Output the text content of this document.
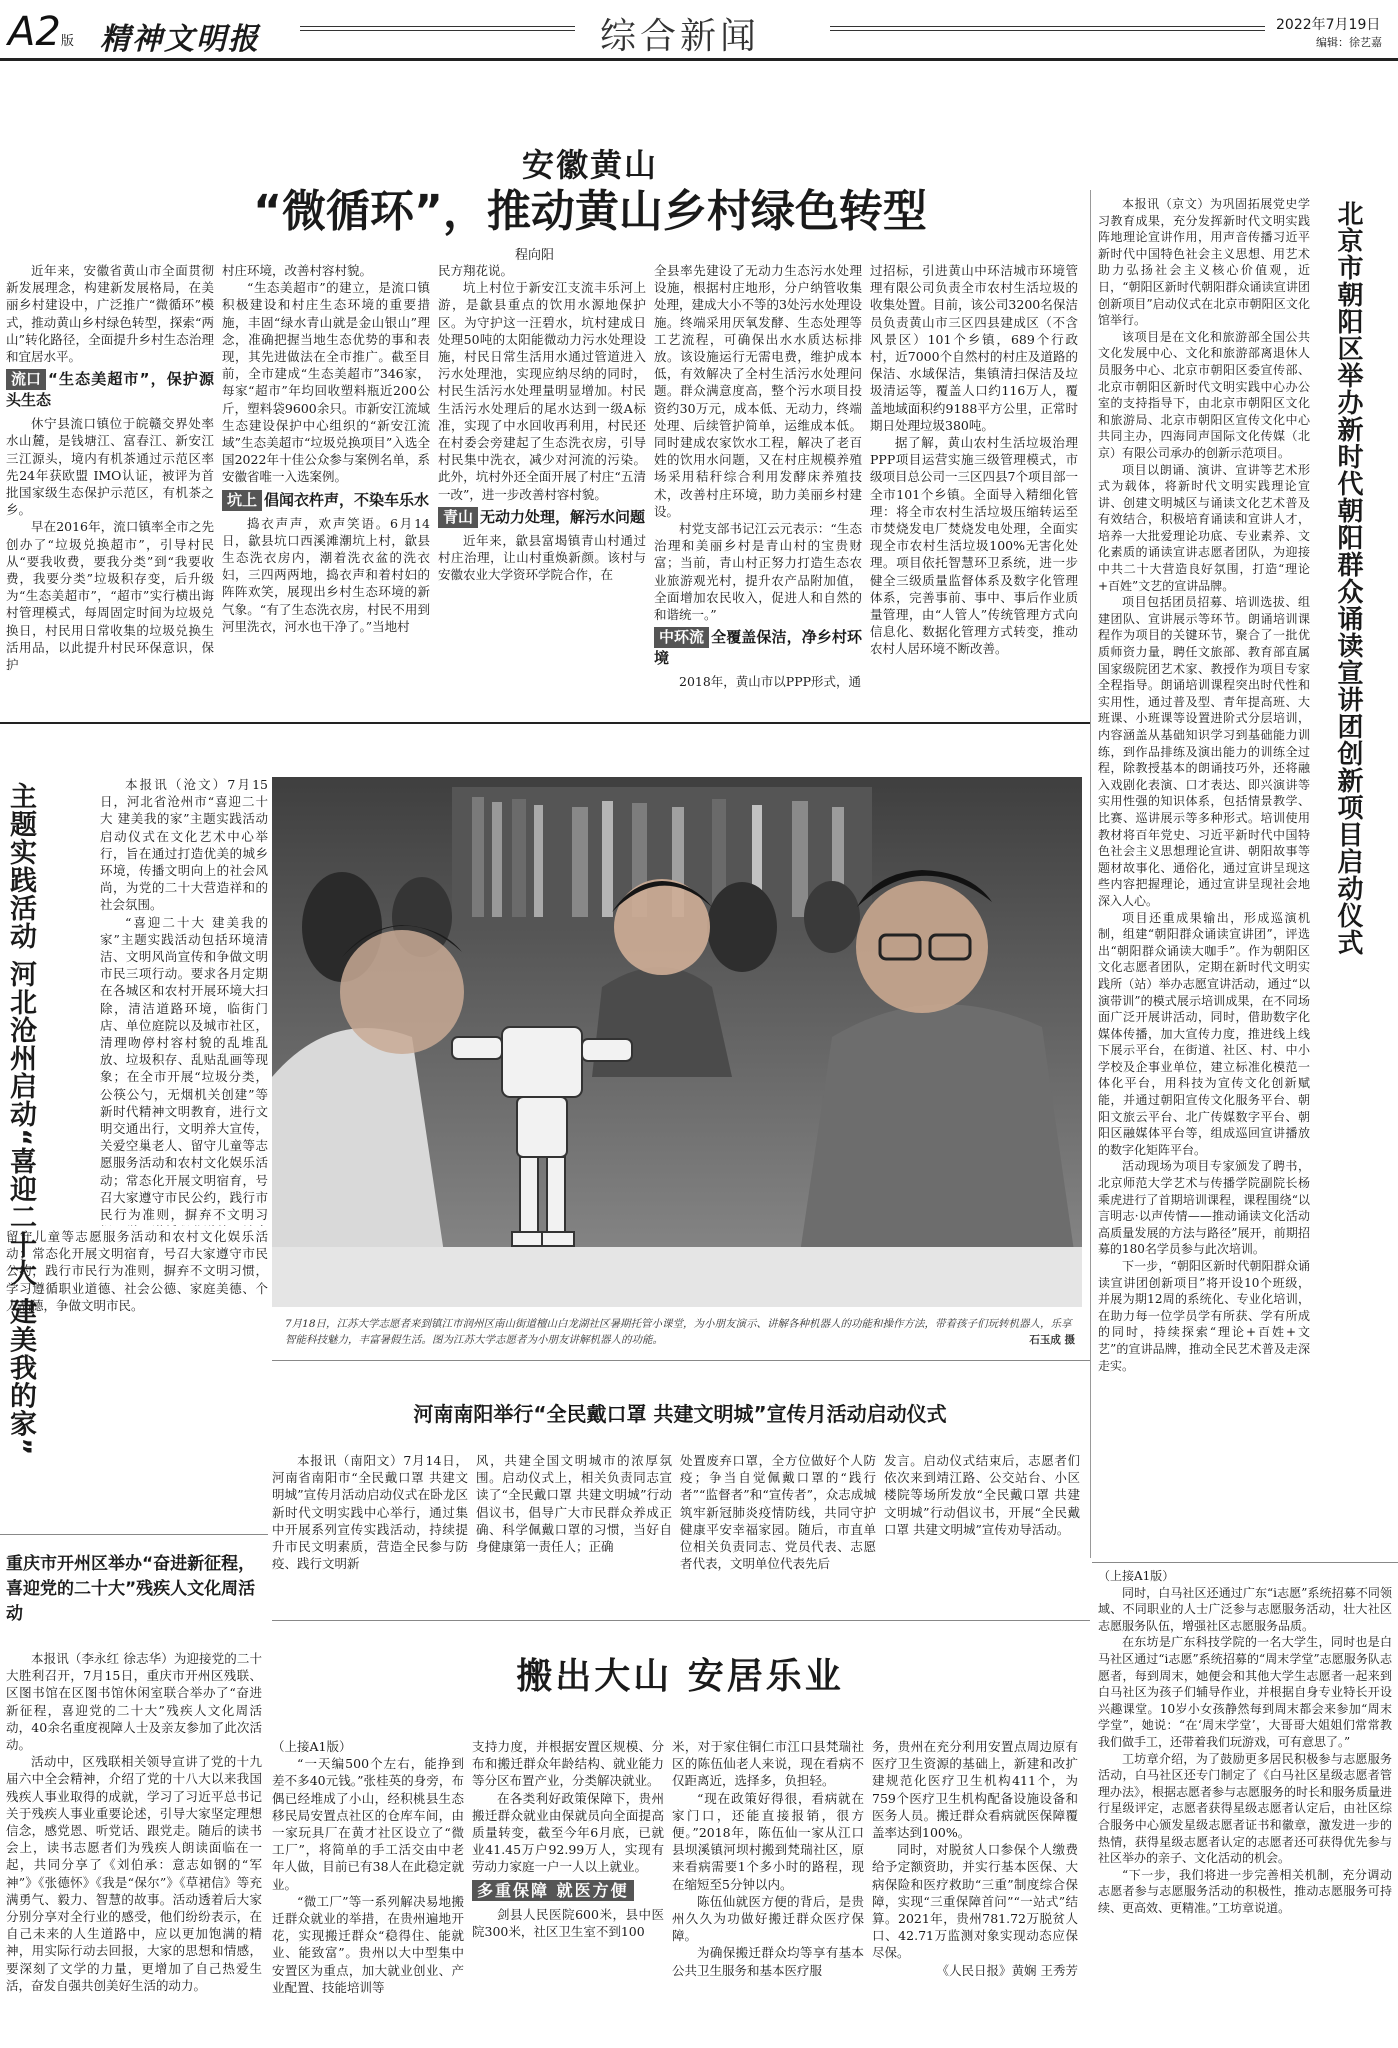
A2版 精神文明报	综合新闻	2022年7月19日
编辑：徐艺嘉
安徽黄山
“微循环”，推动黄山乡村绿色转型
程向阳

近年来，安徽省黄山市全面贯彻新发展理念，构建新发展格局，在美丽乡村建设中，广泛推广“微循环”模式，推动黄山乡村绿色转型，探索“两山”转化路径，全面提升乡村生态治理和宜居水平。

流口 “生态美超市”，保护源头生态

休宁县流口镇位于皖赣交界处率水山麓，是钱塘江、富春江、新安江三江源头，境内有机茶通过示范区率先24年获欧盟 IMO认证，被评为首批国家级生态保护示范区，有机茶之乡。

早在2016年，流口镇率全市之先创办了“垃圾兑换超市”，引导村民从“要我收费，要我分类”到“我要收费，我要分类”垃圾积存变，后升级为“生态美超市”，“超市”实行横出诲村管理模式，每周固定时间为垃圾兑换日，村民用日常收集的垃圾兑换生活用品，以此提升村民环保意识，保护

村庄环境，改善村容村貌。

“生态美超市”的建立，是流口镇积极建设和村庄生态环境的重要措施，丰固“绿水青山就是金山银山”理念，准确把握当地生态优势的事和表现，其先进做法在全市推广。截至目前，全市建成“生态美超市”346家，每家“超市”年均回收塑料瓶近200公斤，塑料袋9600余只。市新安江流域生态建设保护中心组织的“新安江流域”生态美超市“垃圾兑换项目”入选全国2022年十佳公众参与案例名单，系安徽省唯一入选案例。

坑上 倡闻衣杵声，不染车乐水

捣衣声声，欢声笑语。6月14日，歙县坑口西溪滩潮坑上村，歙县生态洗衣房内，潮着洗衣盆的洗衣妇，三四两两地，捣衣声和着村妇的阵阵欢笑，展现出乡村生态环境的新气象。“有了生态洗衣房，村民不用到河里洗衣，河水也干净了。”当地村

民方翔花说。

坑上村位于新安江支流丰乐河上游，是歙县重点的饮用水源地保护区。为守护这一汪碧水，坑村建成日处理50吨的太阳能微动力污水处理设施，村民日常生活用水通过管道进入污水处理池，实现应纳尽纳的同时，村民生活污水处理量明显增加。村民生活污水处理后的尾水达到一级A标准，实现了中水回收再利用，村民还在村委会旁建起了生态洗衣房，引导村民集中洗衣，减少对河流的污染。此外，坑村外还全面开展了村庄“五清一改”，进一步改善村容村貌。

青山 无动力处理，解污水问题

近年来，歙县富堨镇青山村通过村庄治理，让山村重焕新颜。该村与安徽农业大学资环学院合作，在

全县率先建设了无动力生态污水处理设施，根据村庄地形，分户纳管收集处理，建成大小不等的3处污水处理设施。终端采用厌氧发酵、生态处理等工艺流程，可确保出水水质达标排放。该设施运行无需电费，维护成本低，有效解决了全村生活污水处理问题。群众满意度高，整个污水项目投资约30万元，成本低、无动力，终端处理、后续管护简单，运维成本低。同时建成农家饮水工程，解决了老百姓的饮用水问题，又在村庄规模养殖场采用秸秆综合利用发酵床养殖技术，改善村庄环境，助力美丽乡村建设。

村党支部书记江云元表示：“生态治理和美丽乡村是青山村的宝贵财富；当前，青山村正努力打造生态农业旅游观光村，提升农产品附加值，全面增加农民收入，促进人和自然的和谐统一。”

中环流 全覆盖保洁，净乡村环境

2018年，黄山市以PPP形式，通

过招标，引进黄山中环洁城市环境管理有限公司负责全市农村生活垃圾的收集处置。目前，该公司3200名保洁员负责黄山市三区四县建成区（不含风景区）101个乡镇，689个行政村，近7000个自然村的村庄及道路的保洁、水域保洁，集镇清扫保洁及垃圾清运等，覆盖人口约116万人，覆盖地域面积约9188平方公里，正常时期日处理垃圾380吨。

据了解，黄山农村生活垃圾治理PPP项目运营实施三级管理模式，市级项目总公司一三区四县7个项目部一全市101个乡镇。全面导入精细化管理：将全市农村生活垃圾压缩转运至市焚烧发电厂焚烧发电处理，全面实现全市农村生活垃圾100%无害化处理。项目依托智慧环卫系统，进一步健全三级质量监督体系及数字化管理体系，完善事前、事中、事后作业质量管理，由“人管人”传统管理方式向信息化、数据化管理方式转变，推动农村人居环境不断改善。

本报讯（京文）为巩固拓展党史学习教育成果，充分发挥新时代文明实践阵地理论宣讲作用，用声音传播习近平新时代中国特色社会主义思想、用艺术助力弘扬社会主义核心价值观，近日，“朝阳区新时代朝阳群众诵读宣讲团创新项目”启动仪式在北京市朝阳区文化馆举行。

该项目是在文化和旅游部全国公共文化发展中心、文化和旅游部离退休人员服务中心、北京市朝阳区委宣传部、北京市朝阳区新时代文明实践中心办公室的支持指导下，由北京市朝阳区文化和旅游局、北京市朝阳区宣传文化中心共同主办，四海同声国际文化传媒（北京）有限公司承办的创新示范项目。

项目以朗诵、演讲、宣讲等艺术形式为载体，将新时代文明实践理论宣讲、创建文明城区与诵读文化艺术普及有效结合，积极培育诵读和宣讲人才，培养一大批爱理论功底、专业素养、文化素质的诵读宣讲志愿者团队，为迎接中共二十大营造良好氛围，打造“理论+百姓”文艺的宣讲品牌。

项目包括团员招募、培训选拔、组建团队、宣讲展示等环节。朗诵培训课程作为项目的关键环节，聚合了一批优质师资力量，聘任文旅部、教育部直属国家级院团艺术家、教授作为项目专家全程指导。朗诵培训课程突出时代性和实用性，通过普及型、青年提高班、大班课、小班课等设置进阶式分层培训，内容涵盖从基础知识学习到基础能力训练，到作品排练及演出能力的训练全过程，除教授基本的朗诵技巧外，还将融入戏剧化表演、口才表达、即兴演讲等实用性强的知识体系，包括情景教学、比赛、巡讲展示等多种形式。培训使用教材将百年党史、习近平新时代中国特色社会主义思想理论宣讲、朝阳故事等题材故事化、通俗化，通过宣讲呈现这些内容把握理论，通过宣讲呈现社会地深入人心。

项目还重成果输出，形成巡演机制，组建“朝阳群众诵读宣讲团”，评选出“朝阳群众诵读大咖手”。作为朝阳区文化志愿者团队，定期在新时代文明实践所（站）举办志愿宣讲活动，通过“以演带训”的模式展示培训成果，在不同场面广泛开展讲活动，同时，借助数字化媒体传播，加大宣传力度，推进线上线下展示平台，在街道、社区、村、中小学校及企事业单位，建立标准化模范一体化平台，用科技为宣传文化创新赋能，并通过朝阳宣传文化服务平台、朝阳文旅云平台、北广传媒数字平台、朝阳区融媒体平台等，组成巡回宣讲播放的数字化矩阵平台。

活动现场为项目专家颁发了聘书，北京师范大学艺术与传播学院副院长杨乘虎进行了首期培训课程，课程围绕“以言明志·以声传情——推动诵读文化活动高质量发展的方法与路径”展开，前期招募的180名学员参与此次培训。

下一步，“朝阳区新时代朝阳群众诵读宣讲团创新项目”将开设10个班级，并展为期12周的系统化、专业化培训，在助力每一位学员学有所获、学有所成的同时，持续探索“理论+百姓+文艺”的宣讲品牌，推动全民艺术普及走深走实。

北京市朝阳区举办新时代朝阳群众诵读宣讲团创新项目启动仪式
主题实践活动 河北沧州启动“喜迎二十大 建美我的家”	本报讯（沧文）7月15日，河北省沧州市“喜迎二十大 建美我的家”主题实践活动启动仪式在文化艺术中心举行，旨在通过打造优美的城乡环境，传播文明向上的社会风尚，为党的二十大营造祥和的社会氛围。

“喜迎二十大 建美我的家”主题实践活动包括环境清洁、文明风尚宣传和争做文明市民三项行动。要求各月定期在各城区和农村开展环境大扫除，清洁道路环境，临街门店、单位庭院以及城市社区，清理吻停村容村貌的乱堆乱放、垃圾积存、乱贴乱画等现象；在全市开展“垃圾分类，公筷公勺，无烟机关创建”等新时代精神文明教育，进行文明交通出行，文明养大宣传，关爱空巢老人、留守儿童等志愿服务活动和农村文化娱乐活动；常态化开展文明宿育，号召大家遵守市民公约，践行市民行为准则，摒弃不文明习

留守儿童等志愿服务活动和农村文化娱乐活动；常态化开展文明宿育，号召大家遵守市民公约，践行市民行为准则，摒弃不文明习惯，学习遵循职业道德、社会公德、家庭美德、个人品德，争做文明市民。

7月18日，江苏大学志愿者来到镇江市润州区南山街道檀山白龙湖社区暑期托管小课堂，为小朋友演示、讲解各种机器人的功能和操作方法，带着孩子们玩转机器人，乐享智能科技魅力，丰富暑假生活。图为江苏大学志愿者为小朋友讲解机器人的功能。	石玉成 摄
河南南阳举行“全民戴口罩 共建文明城”宣传月活动启动仪式
本报讯（南阳文）7月14日，河南省南阳市“全民戴口罩 共建文明城”宣传月活动启动仪式在卧龙区新时代文明实践中心举行，通过集中开展系列宣传实践活动，持续提升市民文明素质，营造全民参与防疫、践行文明新
风，共建全国文明城市的浓厚氛围。启动仪式上，相关负责同志宣读了“全民戴口罩 共建文明城”行动倡议书，倡导广大市民群众养成正确、科学佩戴口罩的习惯，当好自身健康第一责任人；正确
处置废弃口罩，全方位做好个人防疫；争当自觉佩戴口罩的“践行者”“监督者”和“宣传者”，众志成城筑牢新冠肺炎疫情防线，共同守护健康平安幸福家园。随后，市直单位相关负责同志、党员代表、志愿者代表，文明单位代表先后
发言。启动仪式结束后，志愿者们依次来到靖江路、公交站台、小区楼院等场所发放“全民戴口罩 共建文明城”行动倡议书，开展“全民戴口罩 共建文明城”宣传劝导活动。
重庆市开州区举办“奋进新征程，喜迎党的二十大”残疾人文化周活动

本报讯（李永红 徐志华）为迎接党的二十大胜利召开，7月15日，重庆市开州区残联、区图书馆在区图书馆休闲室联合举办了“奋进新征程，喜迎党的二十大”残疾人文化周活动，40余名重度视障人士及亲友参加了此次活动。

活动中，区残联相关领导宣讲了党的十九届六中全会精神，介绍了党的十八大以来我国残疾人事业取得的成就，学习了习近平总书记关于残疾人事业重要论述，引导大家坚定理想信念，感党恩、听党话、跟党走。随后的读书会上，读书志愿者们为残疾人朗读面临在一起，共同分享了《刘伯承：意志如钢的“军神”》《张德怀》《我是“保尔”》《草裙信》等充满勇气、毅力、智慧的故事。活动透着后大家分别分享对全行业的感受，他们纷纷表示，在自己未来的人生道路中，应以更加饱满的精神，用实际行动去回报，大家的思想和情感，要深刻了文学的力量，更增加了自己热爱生活，奋发自强共创美好生活的动力。

搬出大山 安居乐业

（上接A1版）

“一天编500个左右，能挣到差不多40元钱。”张桂英的身旁，布偶已经堆成了小山，经积桃县生态移民局安置点社区的仓库车间，由一家玩具厂在黄才社区设立了“微工厂”，将简单的手工活交由中老年人做，目前已有38人在此稳定就业。

“微工厂”等一系列解决易地搬迁群众就业的举措，在贵州遍地开花，实现搬迁群众“稳得住、能就业、能致富”。贵州以大中型集中安置区为重点，加大就业创业、产业配置、技能培训等

支持力度，并根据安置区规模、分布和搬迁群众年龄结构、就业能力等分区布置产业，分类解决就业。

在各类利好政策保障下，贵州搬迁群众就业由保就员向全面提高质量转变，截至今年6月底，已就业41.45万户92.99万人，实现有劳动力家庭一户一人以上就业。

多重保障 就医方便

剑县人民医院600米，县中医院300米，社区卫生室不到100

米，对于家住铜仁市江口县梵瑞社区的陈伍仙老人来说，现在看病不仅距离近，选择多，负担轻。

“现在政策好得很，看病就在家门口，还能直接报销，很方便。”2018年，陈伍仙一家从江口县坝溪镇河坝村搬到梵瑞社区，原来看病需要1个多小时的路程，现在缩短至5分钟以内。

陈伍仙就医方便的背后，是贵州久久为功做好搬迁群众医疗保障。

为确保搬迁群众均等享有基本公共卫生服务和基本医疗服

务，贵州在充分利用安置点周边原有医疗卫生资源的基础上，新建和改扩建规范化医疗卫生机构411个，为759个医疗卫生机构配备设施设备和医务人员。搬迁群众看病就医保障覆盖率达到100%。

同时，对脱贫人口参保个人缴费给予定额资助，并实行基本医保、大病保险和医疗救助“三重”制度综合保障，实现“三重保障首问”“一站式”结算。2021年，贵州781.72万脱贫人口、42.71万监测对象实现动态应保尽保。

《人民日报》黄娴 王秀芳

（上接A1版）

同时，白马社区还通过广东“i志愿”系统招募不同领域、不同职业的人士广泛参与志愿服务活动，壮大社区志愿服务队伍，增强社区志愿服务品质。

在东坊是广东科技学院的一名大学生，同时也是白马社区通过“i志愿”系统招募的“周末学堂”志愿服务队志愿者，每到周末，她便会和其他大学生志愿者一起来到白马社区为孩子们辅导作业，并根据自身专业特长开设兴趣课堂。10岁小女孩静然每到周末都会来参加“周末学堂”，她说：“在‘周末学堂’，大哥哥大姐姐们常常教我们做手工，还带着我们玩游戏，可有意思了。”

工坊章介绍，为了鼓励更多居民积极参与志愿服务活动，白马社区还专门制定了《白马社区星级志愿者管理办法》，根据志愿者参与志愿服务的时长和服务质量进行星级评定，志愿者获得星级志愿者认定后，由社区综合服务中心颁发星级志愿者证书和徽章，激发进一步的热情，获得星级志愿者认定的志愿者还可获得优先参与社区举办的亲子、文化活动的机会。

“下一步，我们将进一步完善相关机制，充分调动志愿者参与志愿服务活动的积极性，推动志愿服务可持续、更高效、更精准。”工坊章说道。
